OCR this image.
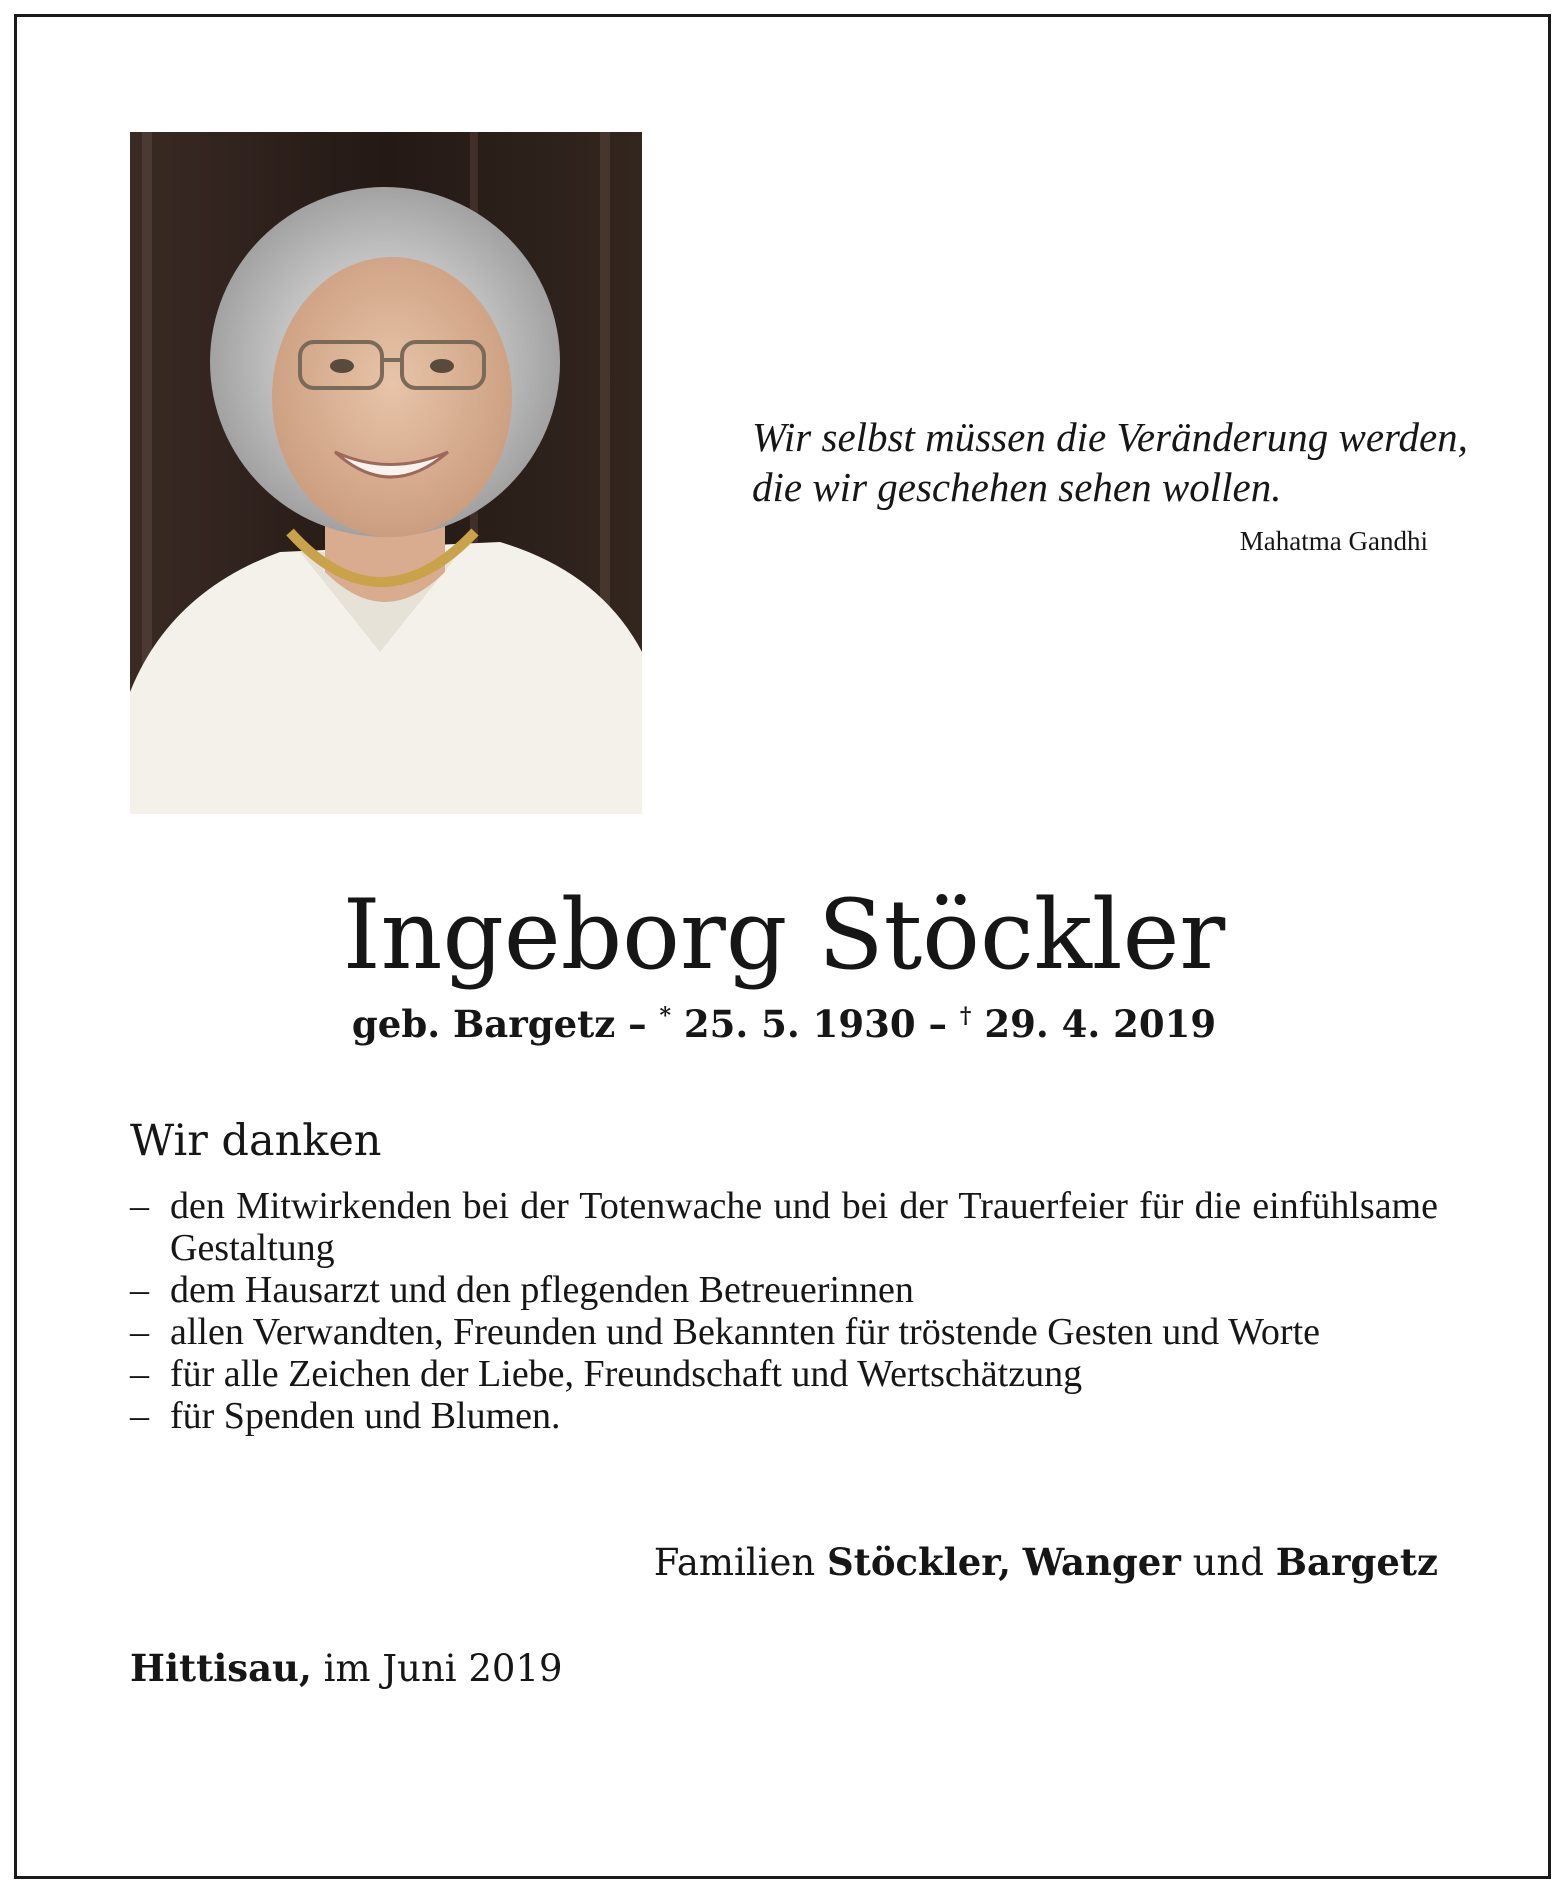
Wir selbst müssen die Veränderung werden,
die wir geschehen sehen wollen.
Mahatma Gandhi
Ingeborg Stöckler
geb. Bargetz – * 25. 5. 1930 – † 29. 4. 2019
Wir danken
– den Mitwirkenden bei der Totenwache und bei der Trauerfeier für die einfühlsame Gestaltung
– dem Hausarzt und den pflegenden Betreuerinnen
– allen Verwandten, Freunden und Bekannten für tröstende Gesten und Worte
– für alle Zeichen der Liebe, Freundschaft und Wertschätzung
– für Spenden und Blumen.
Familien Stöckler, Wanger und Bargetz
Hittisau, im Juni 2019
